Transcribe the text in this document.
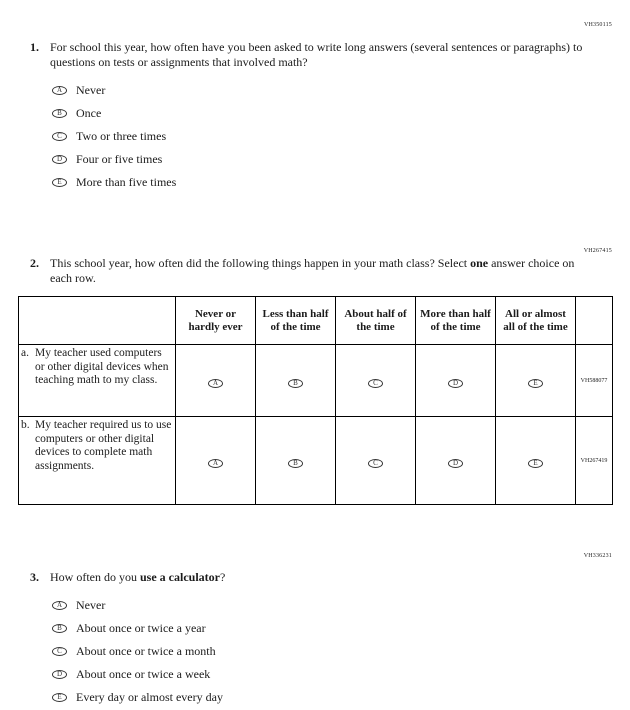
VH350115
VH267415
VH336231
1. For school this year, how often have you been asked to write long answers (several sentences or paragraphs) to questions on tests or assignments that involved math?
A Never
B Once
C Two or three times
D Four or five times
E More than five times
2. This school year, how often did the following things happen in your math class? Select one answer choice on each row.
	Never or hardly ever	Less than half of the time	About half of the time	More than half of the time	All or almost all of the time	

a. My teacher used computers or other digital devices when teaching math to my class.	A	B	C	D	E	VH588077

b. My teacher required us to use computers or other digital devices to complete math assignments.	A	B	C	D	E	VH267419
3. How often do you use a calculator?
A Never
B About once or twice a year
C About once or twice a month
D About once or twice a week
E Every day or almost every day
